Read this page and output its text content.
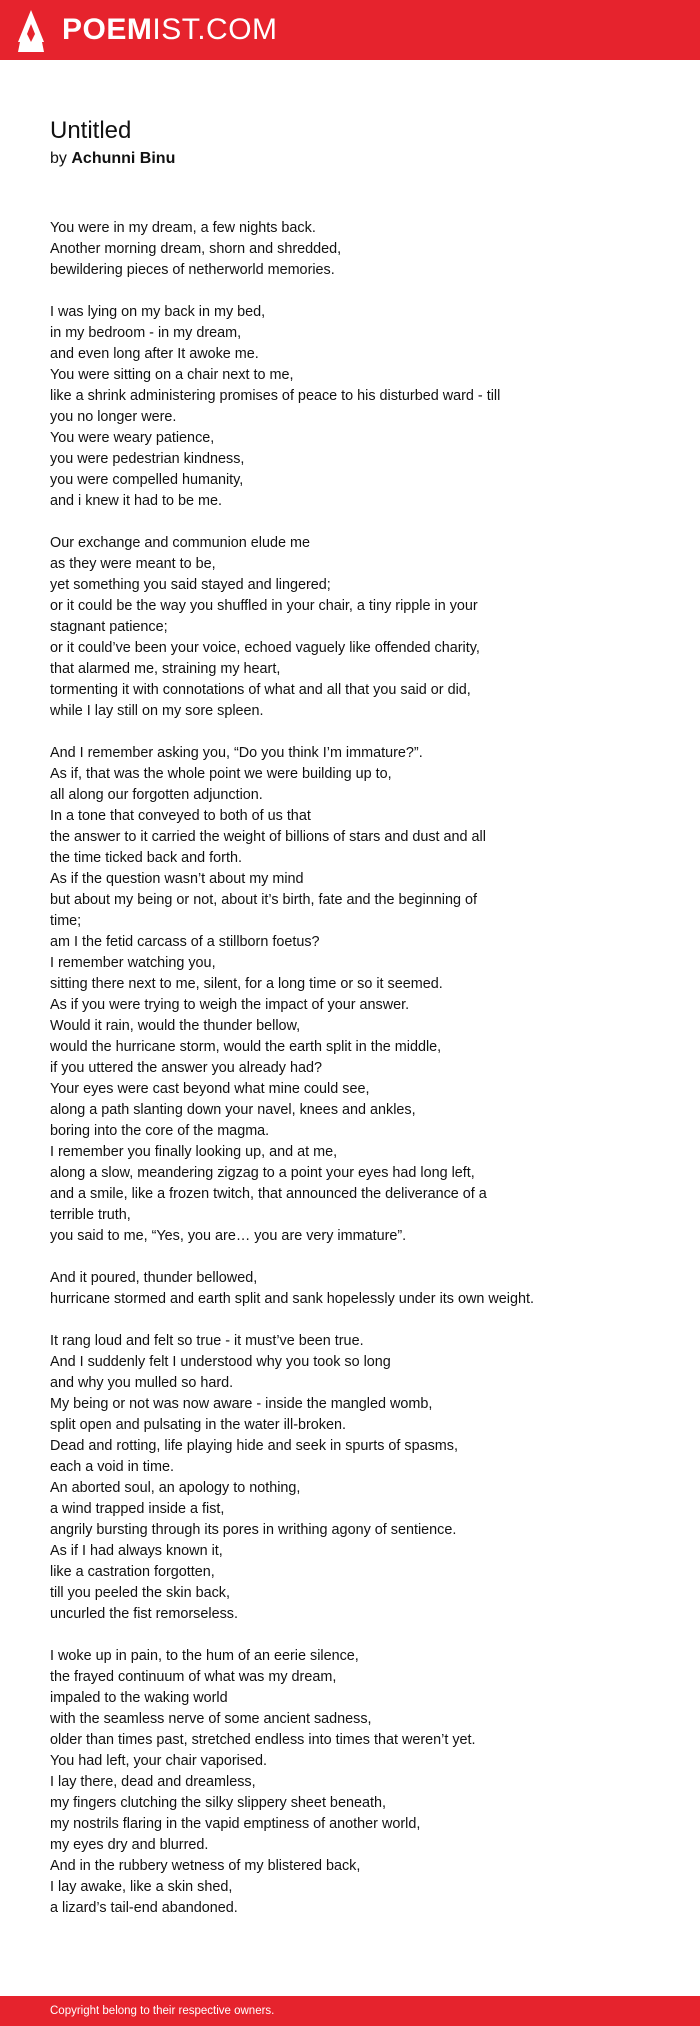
POEMIST.COM
Untitled
by Achunni Binu
You were in my dream, a few nights back.
Another morning dream, shorn and shredded,
bewildering pieces of netherworld memories.
I was lying on my back in my bed,
in my bedroom - in my dream,
and even long after It awoke me.
You were sitting on a chair next to me,
like a shrink administering promises of peace to his disturbed ward - till
you no longer were.
You were weary patience,
you were pedestrian kindness,
you were compelled humanity,
and i knew it had to be me.
Our exchange and communion elude me
as they were meant to be,
yet something you said stayed and lingered;
or it could be the way you shuffled in your chair, a tiny ripple in your
stagnant patience;
or it could’ve been your voice, echoed vaguely like offended charity,
that alarmed me, straining my heart,
tormenting it with connotations of what and all that you said or did,
while I lay still on my sore spleen.
And I remember asking you, “Do you think I’m immature?”.
As if, that was the whole point we were building up to,
all along our forgotten adjunction.
In a tone that conveyed to both of us that
the answer to it carried the weight of billions of stars and dust and all
the time ticked back and forth.
As if the question wasn’t about my mind
but about my being or not, about it’s birth, fate and the beginning of
time;
am I the fetid carcass of a stillborn foetus?
I remember watching you,
sitting there next to me, silent, for a long time or so it seemed.
As if you were trying to weigh the impact of your answer.
Would it rain, would the thunder bellow,
would the hurricane storm, would the earth split in the middle,
if you uttered the answer you already had?
Your eyes were cast beyond what mine could see,
along a path slanting down your navel, knees and ankles,
boring into the core of the magma.
I remember you finally looking up, and at me,
along a slow, meandering zigzag to a point your eyes had long left,
and a smile, like a frozen twitch, that announced the deliverance of a
terrible truth,
you said to me, “Yes, you are… you are very immature”.
And it poured, thunder bellowed,
hurricane stormed and earth split and sank hopelessly under its own weight.
It rang loud and felt so true - it must’ve been true.
And I suddenly felt I understood why you took so long
and why you mulled so hard.
My being or not was now aware - inside the mangled womb,
split open and pulsating in the water ill-broken.
Dead and rotting, life playing hide and seek in spurts of spasms,
each a void in time.
An aborted soul, an apology to nothing,
a wind trapped inside a fist,
angrily bursting through its pores in writhing agony of sentience.
As if I had always known it,
like a castration forgotten,
till you peeled the skin back,
uncurled the fist remorseless.
I woke up in pain, to the hum of an eerie silence,
the frayed continuum of what was my dream,
impaled to the waking world
with the seamless nerve of some ancient sadness,
older than times past, stretched endless into times that weren’t yet.
You had left, your chair vaporised.
I lay there, dead and dreamless,
my fingers clutching the silky slippery sheet beneath,
my nostrils flaring in the vapid emptiness of another world,
my eyes dry and blurred.
And in the rubbery wetness of my blistered back,
I lay awake, like a skin shed,
a lizard’s tail-end abandoned.
Copyright belong to their respective owners.
